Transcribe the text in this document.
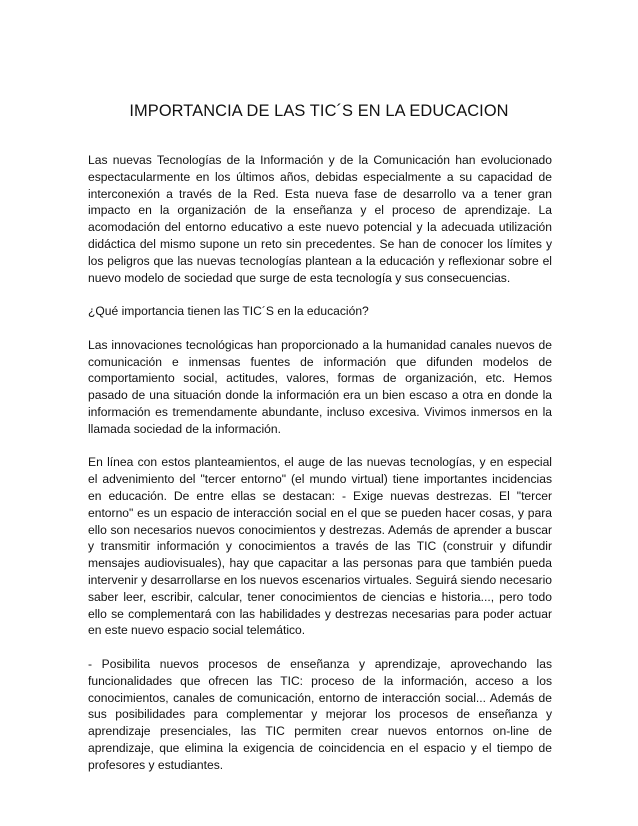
IMPORTANCIA DE LAS TIC´S EN LA EDUCACION

Las nuevas Tecnologías de la Información y de la Comunicación han evolucionado espectacularmente en los últimos años, debidas especialmente a su capacidad de interconexión a través de la Red. Esta nueva fase de desarrollo va a tener gran impacto en la organización de la enseñanza y el proceso de aprendizaje. La acomodación del entorno educativo a este nuevo potencial y la adecuada utilización didáctica del mismo supone un reto sin precedentes. Se han de conocer los límites y los peligros que las nuevas tecnologías plantean a la educación y reflexionar sobre el nuevo modelo de sociedad que surge de esta tecnología y sus consecuencias.

¿Qué importancia tienen las TIC´S en la educación?

Las innovaciones tecnológicas han proporcionado a la humanidad canales nuevos de comunicación e inmensas fuentes de información que difunden modelos de comportamiento social, actitudes, valores, formas de organización, etc. Hemos pasado de una situación donde la información era un bien escaso a otra en donde la información es tremendamente abundante, incluso excesiva. Vivimos inmersos en la llamada sociedad de la información.

En línea con estos planteamientos, el auge de las nuevas tecnologías, y en especial el advenimiento del "tercer entorno" (el mundo virtual) tiene importantes incidencias en educación. De entre ellas se destacan: - Exige nuevas destrezas. El "tercer entorno" es un espacio de interacción social en el que se pueden hacer cosas, y para ello son necesarios nuevos conocimientos y destrezas. Además de aprender a buscar y transmitir información y conocimientos a través de las TIC (construir y difundir mensajes audiovisuales), hay que capacitar a las personas para que también pueda intervenir y desarrollarse en los nuevos escenarios virtuales. Seguirá siendo necesario saber leer, escribir, calcular, tener conocimientos de ciencias e historia..., pero todo ello se complementará con las habilidades y destrezas necesarias para poder actuar en este nuevo espacio social telemático.

- Posibilita nuevos procesos de enseñanza y aprendizaje, aprovechando las funcionalidades que ofrecen las TIC: proceso de la información, acceso a los conocimientos, canales de comunicación, entorno de interacción social... Además de sus posibilidades para complementar y mejorar los procesos de enseñanza y aprendizaje presenciales, las TIC permiten crear nuevos entornos on-line de aprendizaje, que elimina la exigencia de coincidencia en el espacio y el tiempo de profesores y estudiantes.
